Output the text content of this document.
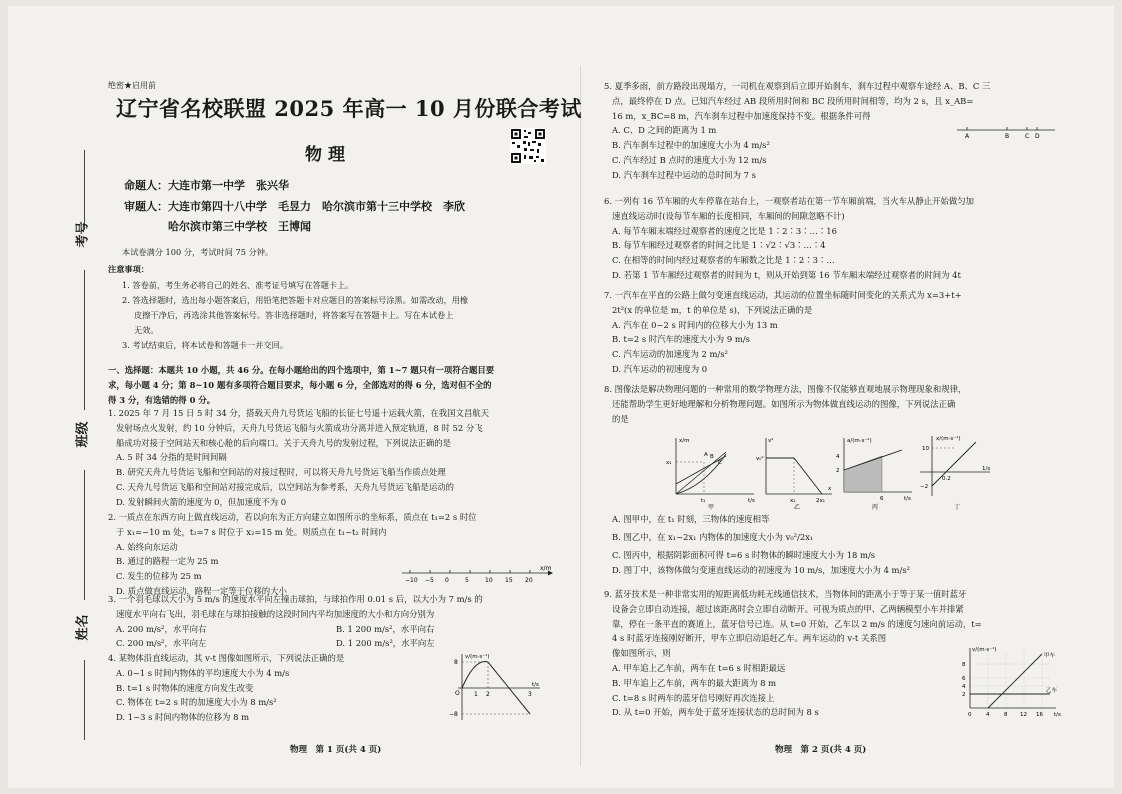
考号
班级
姓名
绝密★启用前
辽宁省名校联盟 2025 年高一 10 月份联合考试
物理
命题人：大连市第一中学　张兴华
审题人：大连市第四十八中学　毛昱力　哈尔滨市第十三中学校　李欣
　　　　哈尔滨市第三中学校　王博闻
本试卷满分 100 分，考试时间 75 分钟。
注意事项：
1. 答卷前，考生务必将自己的姓名、准考证号填写在答题卡上。
2. 答选择题时，选出每小题答案后，用铅笔把答题卡对应题目的答案标号涂黑。如需改动，用橡
皮擦干净后，再选涂其他答案标号。答非选择题时，将答案写在答题卡上。写在本试卷上
无效。
3. 考试结束后，将本试卷和答题卡一并交回。
一、选择题：本题共 10 小题，共 46 分。在每小题给出的四个选项中，第 1~7 题只有一项符合题目要
求，每小题 4 分；第 8~10 题有多项符合题目要求，每小题 6 分，全部选对的得 6 分，选对但不全的
得 3 分，有选错的得 0 分。
1. 2025 年 7 月 15 日 5 时 34 分，搭载天舟九号货运飞船的长征七号遥十运载火箭，在我国文昌航天
发射场点火发射，约 10 分钟后，天舟九号货运飞船与火箭成功分离并进入预定轨道，8 时 52 分飞
船成功对接于空间站天和核心舱的后向端口。关于天舟九号的发射过程，下列说法正确的是
A. 5 时 34 分指的是时间间隔
B. 研究天舟九号货运飞船和空间站的对接过程时，可以将天舟九号货运飞船当作质点处理
C. 天舟九号货运飞船和空间站对接完成后，以空间站为参考系，天舟九号货运飞船是运动的
D. 发射瞬间火箭的速度为 0，但加速度不为 0
2. 一质点在东西方向上做直线运动，若以向东为正方向建立如图所示的坐标系，质点在 t₁=2 s 时位
于 x₁=−10 m 处，t₂=7 s 时位于 x₂=15 m 处。则质点在 t₁~t₂ 时间内
A. 始终向东运动
B. 通过的路程一定为 25 m
C. 发生的位移为 25 m
D. 质点做直线运动，路程一定等于位移的大小
−10 −5 0	5	10 15 20
x/m
3. 一个羽毛球以大小为 5 m/s 的速度水平向左撞击球拍，与球拍作用 0.01 s 后，以大小为 7 m/s 的
速度水平向右飞出，羽毛球在与球拍接触的这段时间内平均加速度的大小和方向分别为
A. 200 m/s²，水平向右	B. 1 200 m/s²，水平向右
C. 200 m/s²，水平向左	D. 1 200 m/s²，水平向左
4. 某物体沿直线运动，其 v-t 图像如图所示，下列说法正确的是
A. 0~1 s 时间内物体的平均速度大小为 4 m/s
B. t=1 s 时物体的速度方向发生改变
C. 物体在 t=2 s 时的加速度大小为 8 m/s²
D. 1~3 s 时间内物体的位移为 8 m
v/(m·s⁻¹)
8
−8
O 1 2	3
t/s
5. 夏季多雨，前方路段出现塌方，一司机在观察到后立即开始刹车，刹车过程中观察车途经 A、B、C 三
点，最终停在 D 点。已知汽车经过 AB 段所用时间和 BC 段所用时间相等，均为 2 s，且 x_AB=
16 m，x_BC=8 m，汽车刹车过程中加速度保持不变。根据条件可得
A. C、D 之间的距离为 1 m
B. 汽车刹车过程中的加速度大小为 4 m/s²
C. 汽车经过 B 点时的速度大小为 12 m/s
D. 汽车刹车过程中运动的总时间为 7 s
A	B	C D
6. 一列有 16 节车厢的火车停靠在站台上，一观察者站在第一节车厢前端，当火车从静止开始做匀加
速直线运动时(设每节车厢的长度相同，车厢间的间隙忽略不计)
A. 每节车厢末端经过观察者的速度之比是 1∶2∶3∶…∶16
B. 每节车厢经过观察者的时间之比是 1∶√2∶√3∶…∶4
C. 在相等的时间内经过观察者的车厢数之比是 1∶2∶3∶…
D. 若第 1 节车厢经过观察者的时间为 t，则从开始到第 16 节车厢末端经过观察者的时间为 4t
7. 一汽车在平直的公路上做匀变速直线运动，其运动的位置坐标随时间变化的关系式为 x=3+t+
2t²(x 的单位是 m，t 的单位是 s)，下列说法正确的是
A. 汽车在 0~2 s 时间内的位移大小为 13 m
B. t=2 s 时汽车的速度大小为 9 m/s
C. 汽车运动的加速度为 2 m/s²
D. 汽车运动的初速度为 0
8. 图像法是解决物理问题的一种常用的数学物理方法，图像不仅能够直观地展示物理现象和规律，
还能帮助学生更好地理解和分析物理问题。如图所示为物体做直线运动的图像，下列说法正确
的是
x/m
t/s
A B
C
x₁
t₁
甲
v²
v₀²
x₁	2x₁
x
乙
a/(m·s⁻²)
4
2
6	t/s
丙
x/(m·s⁻¹)
10
−2
0.2
1/s
丁
A. 图甲中，在 t₁ 时刻，三物体的速度相等
B. 图乙中，在 x₁~2x₁ 内物体的加速度大小为 v₀²/2x₁
C. 图丙中，根据阴影面积可得 t=6 s 时物体的瞬时速度大小为 18 m/s
D. 图丁中，该物体做匀变速直线运动的初速度为 10 m/s，加速度大小为 4 m/s²
9. 蓝牙技术是一种非常实用的短距离低功耗无线通信技术，当物体间的距离小于等于某一值时蓝牙
设备会立即自动连接，超过该距离时会立即自动断开。可视为质点的甲、乙两辆模型小车并排紧
靠，停在一条平直的赛道上，蓝牙信号已连。从 t=0 开始，乙车以 2 m/s 的速度匀速向前运动，t=
4 s 时蓝牙连接刚好断开，甲车立即启动追赶乙车。两车运动的 v-t 关系图
像如图所示，则
A. 甲车追上乙车前，两车在 t=6 s 时相距最远
B. 甲车追上乙车前，两车的最大距离为 8 m
C. t=8 s 时两车的蓝牙信号刚好再次连接上
D. 从 t=0 开始，两车处于蓝牙连接状态的总时间为 8 s
v/(m·s⁻¹)
甲车
乙车
8
6
4
2
0	4	8 12 16 t/s
物理　第 1 页(共 4 页)	物理　第 2 页(共 4 页)
